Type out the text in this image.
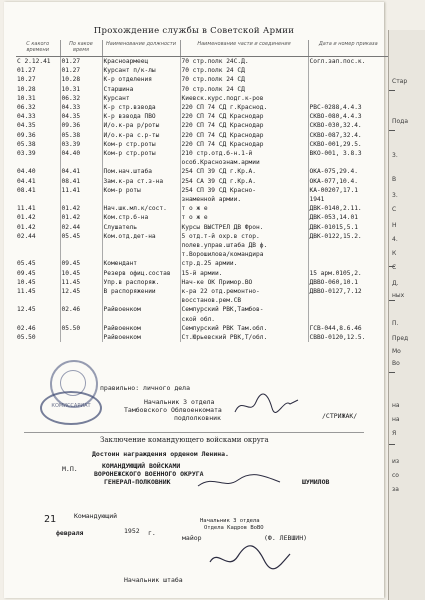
Прохождение службы в Советской Армии
С какого времени	По какое время	Наименование должности	Наименование части и соединения	Дата и номер приказа
С 2.12.41	01.27	Красноармеец	70 стр.полк 24С.Д.	Согл.зап.пос.к.
01.27	01.27	Курсант п/к-лы	70 стр.полк 24 СД	
10.27	10.28	К-р отделения	70 стр.полк 24 СД	
10.28	10.31	Старшина	70 стр.полк 24 СД	
10.31	06.32	Курсант	Киевск.курс.подг.к-ров	
06.32	04.33	К-р стр.взвода	220 СП 74 СД г.Краснод.	РВС-0288,4.4.3
04.33	04.35	К-р взвода ПВО	220 СП 74 СД Краснодар	СКВО-080,4.4.3
04.35	09.36	И/о.к-ра р/роты	220 СП 74 СД Краснодар	СКВО-030,32.4.
09.36	05.38	И/о.к-ра с.р-ты	220 СП 74 СД Краснодар	СКВО-087,32.4.
05.38	03.39	Ком-р стр.роты	220 СП 74 СД Краснодар	СКВО-001,29.5.
03.39	04.40	Ком-р стр.роты	210 стр.отд.б-н.1-й	ВКО-001, 3.8.3
			особ.Краснознам.армии	
04.40	04.41	Пом.нач.штаба	254 СП 39 СД г.Кр.А.	ОКА-075,29.4.
04.41	08.41	Зам.к-ра ст.з-на	254 СА 39 СД г.Кр.А.	ОКА-077,10.4.
08.41	11.41	Ком-р роты	254 СП 39 СД Красно-	КА-00207,17.1
			знаменной армии.	1941
11.41	01.42	Нач.шк.мл.к/сост.	т о ж е	ДВК-0140,2.11.
01.42	01.42	Ком.стр.б-на	т о ж е	ДВК-053,14.01
01.42	02.44	Слушатель	Курсы ВЫСТРЕЛ ДВ Фрон.	ДВК-01015,5.1
02.44	05.45	Ком.отд.дет-на	5 отд.т-й охр.в стор.	ДВК-0122,15.2.
			полев.управ.штаба ДВ ф.	
			т.Ворошилова/командира	
05.45	09.45	Комендант	стр.д.25 армии.	
09.45	10.45	Резерв офиц.состав	15-й армии.	15 арм.0105,2.
10.45	11.45	Упр.в распоряж.	Нач-ке ОК Примор.ВО	ДВВО-060,10.1
11.45	12.45	В распоряжении	к-ра 22 отд.ремонтно-	ДВВО-0127,7.12
			восстанов.рем.СВ	
12.45	02.46	Райвоенком	Семпурский РВК,Тамбов-	
			ской обл.	
02.46	05.50	Райвоенком	Семпурский РВК Там.обл.	ГСВ-044,8.6.46
05.50		Райвоенком	Ст.Юрьевский РВК,Т/обл.	СВВО-0120,12.5.
КОМИССАРИАТ
правильно: личного дела
Начальник 3 отдела
Тамбовского Облвоенкомата
подполковник	/СТРИЖАК/
Заключение командующего войсками округа
Достоин награждения орденом Ленина.
М.П.	КОМАНДУЮЩИЙ ВОЙСКАМИ
ВОРОНЕЖСКОГО ВОЕННОГО ОКРУГА
ГЕНЕРАЛ-ПОЛКОВНИК	ШУМИЛОВ
21	Командующий
февраля	1952 г.
Начальник 3 отдела
Отдела Кадров ВоВО
майор	(Ф. ЛЕВШИН)
Начальник штаба
Стар
Пода
3.
В
3.
С
Н
4.
К
С
Д.
ных
П.
Пред
Мо
Во
на
на
Я
из
со
за
